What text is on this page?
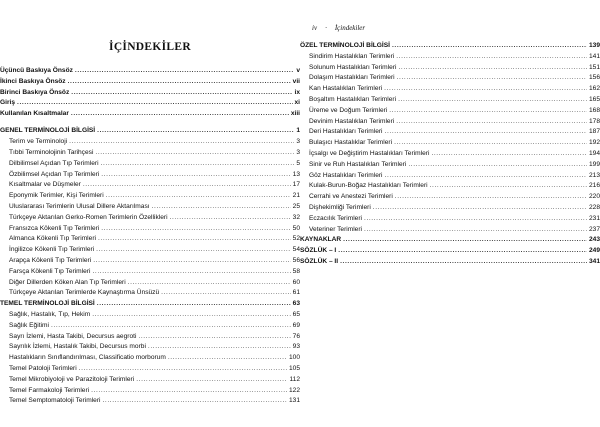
İÇİNDEKİLER
Üçüncü Baskıya Önsöz .....	v
İkinci Baskıya Önsöz .....	vii
Birinci Baskıya Önsöz .....	ix
Giriş .....	xi
Kullanılan Kısaltmalar .....	xiii
GENEL TERMİNOLOJİ BİLGİSİ .....	1
Terim ve Terminoloji .....	3
Tıbbi Terminolojinin Tarihçesi .....	3
Dilbilimsel Açıdan Tıp Terimleri .....	5
Özbilimsel Açıdan Tıp Terimleri .....	13
Kısaltmalar ve Düşmeler .....	17
Eponymik Terimler, Kişi Terimleri .....	21
Uluslararası Terimlerin Ulusal Dillere Aktarılması .....	25
Türkçeye Aktarılan Gerko-Romen Terimlerin Özellikleri .....	32
Fransızca Kökenli Tıp Terimleri .....	50
Almanca Kökenli Tıp Terimleri .....	52
İngilizce Kökenli Tıp Terimleri .....	54
Arapça Kökenli Tıp Terimleri .....	56
Farsça Kökenli Tıp Terimleri .....	58
Diğer Dillerden Köken Alan Tıp Terimleri .....	60
Türkçeye Aktarılan Terimlerde Kaynaştırma Ünsüzü .....	61
TEMEL TERMİNOLOJİ BİLGİSİ .....	63
Sağlık, Hastalık, Tıp, Hekim .....	65
Sağlık Eğitimi .....	69
Sayrı İzlemi, Hasta Takibi, Decursus aegroti .....	76
Sayrılık İzlemi, Hastalık Takibi, Decursus morbi .....	93
Hastalıkların Sınıflandırılması, Classificatio morborum .....	100
Temel Patoloji Terimleri .....	105
Temel Mikrobiyoloji ve Parazitoloji Terimleri .....	112
Temel Farmakoloji Terimleri .....	122
Temel Semptomatoloji Terimleri .....	131
iv · İçindekiler
ÖZEL TERMİNOLOJİ BİLGİSİ .....	139
Sindirim Hastalıkları Terimleri .....	141
Solunum Hastalıkları Terimleri .....	151
Dolaşım Hastalıkları Terimleri .....	156
Kan Hastalıkları Terimleri .....	162
Boşaltım Hastalıkları Terimleri .....	165
Üreme ve Doğum Terimleri .....	168
Devinim Hastalıkları Terimleri .....	178
Deri Hastalıkları Terimleri .....	187
Bulaşıcı Hastalıklar Terimleri .....	192
İçsalgı ve Değiştirim Hastalıkları Terimleri .....	194
Sinir ve Ruh Hastalıkları Terimleri .....	199
Göz Hastalıkları Terimleri .....	213
Kulak-Burun-Boğaz Hastalıkları Terimleri .....	216
Cerrahi ve Anestezi Terimleri .....	220
Dişhekimliği Terimleri .....	228
Eczacılık Terimleri .....	231
Veteriner Terimleri .....	237
KAYNAKLAR .....	243
SÖZLÜK – I .....	249
SÖZLÜK – II .....	341
